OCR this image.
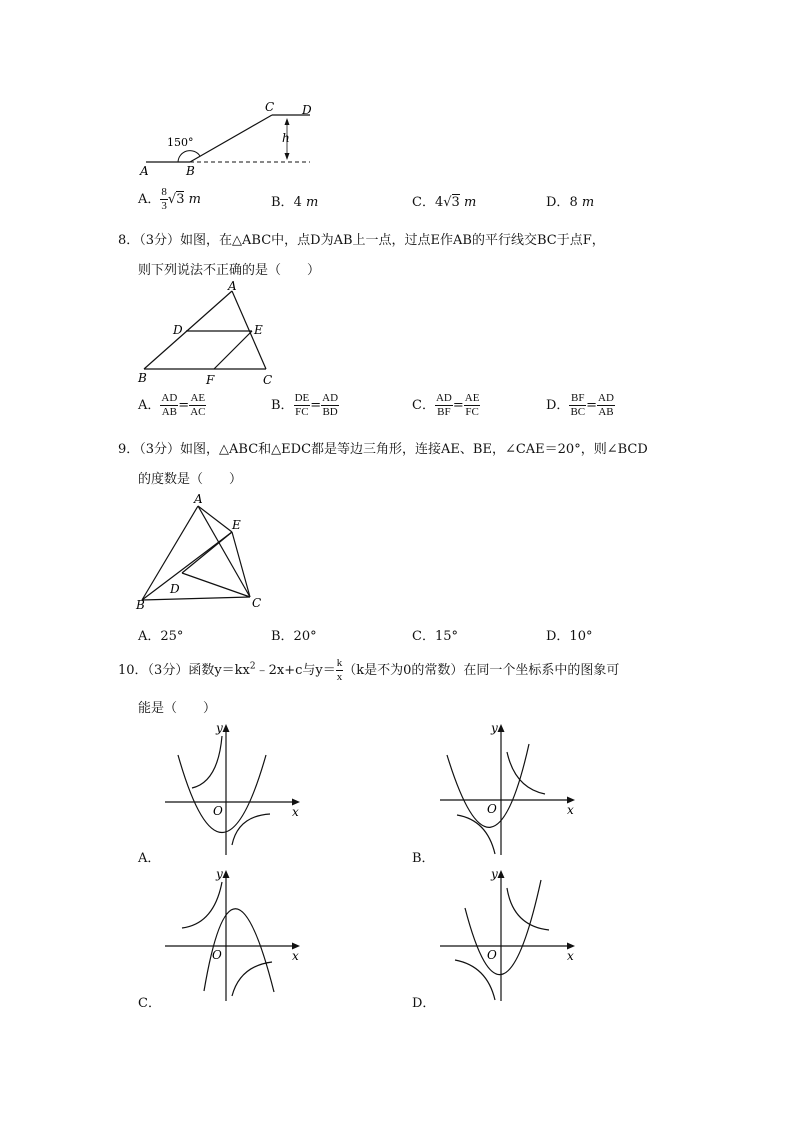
150°
A	B
C D
h
A． $\frac{8}{3} √3$ m	B．4 m	C．4√3 m	D．8 m
8．（3分）如图，在△ABC中，点D为AB上一点，过点E作AB的平行线交BC于点F，
则下列说法不正确的是（　　）
A
D	E
B	F	C
A． $\frac{AD}{AB} = \frac{AE}{AC}$	B． $\frac{DE}{FC} = \frac{AD}{BD}$	C． $\frac{AD}{BF} = \frac{AE}{FC}$	D． $\frac{BF}{BC} = \frac{AD}{AB}$
9．（3分）如图，△ABC和△EDC都是等边三角形，连接AE、BE，∠CAE＝20°，则∠BCD
的度数是（　　）
A
E
D
B	C
A．25°	B．20°	C．15°	D．10°
10．（3分）函数$y=kx^2﹣2x+c$与$y= \frac{k}{x} (k$是不为0的常数）在同一个坐标系中的图象可
能是（　　）
y
x
O
A．
y
x
O
B．
y
x
O
C．
y
x
O
D．
